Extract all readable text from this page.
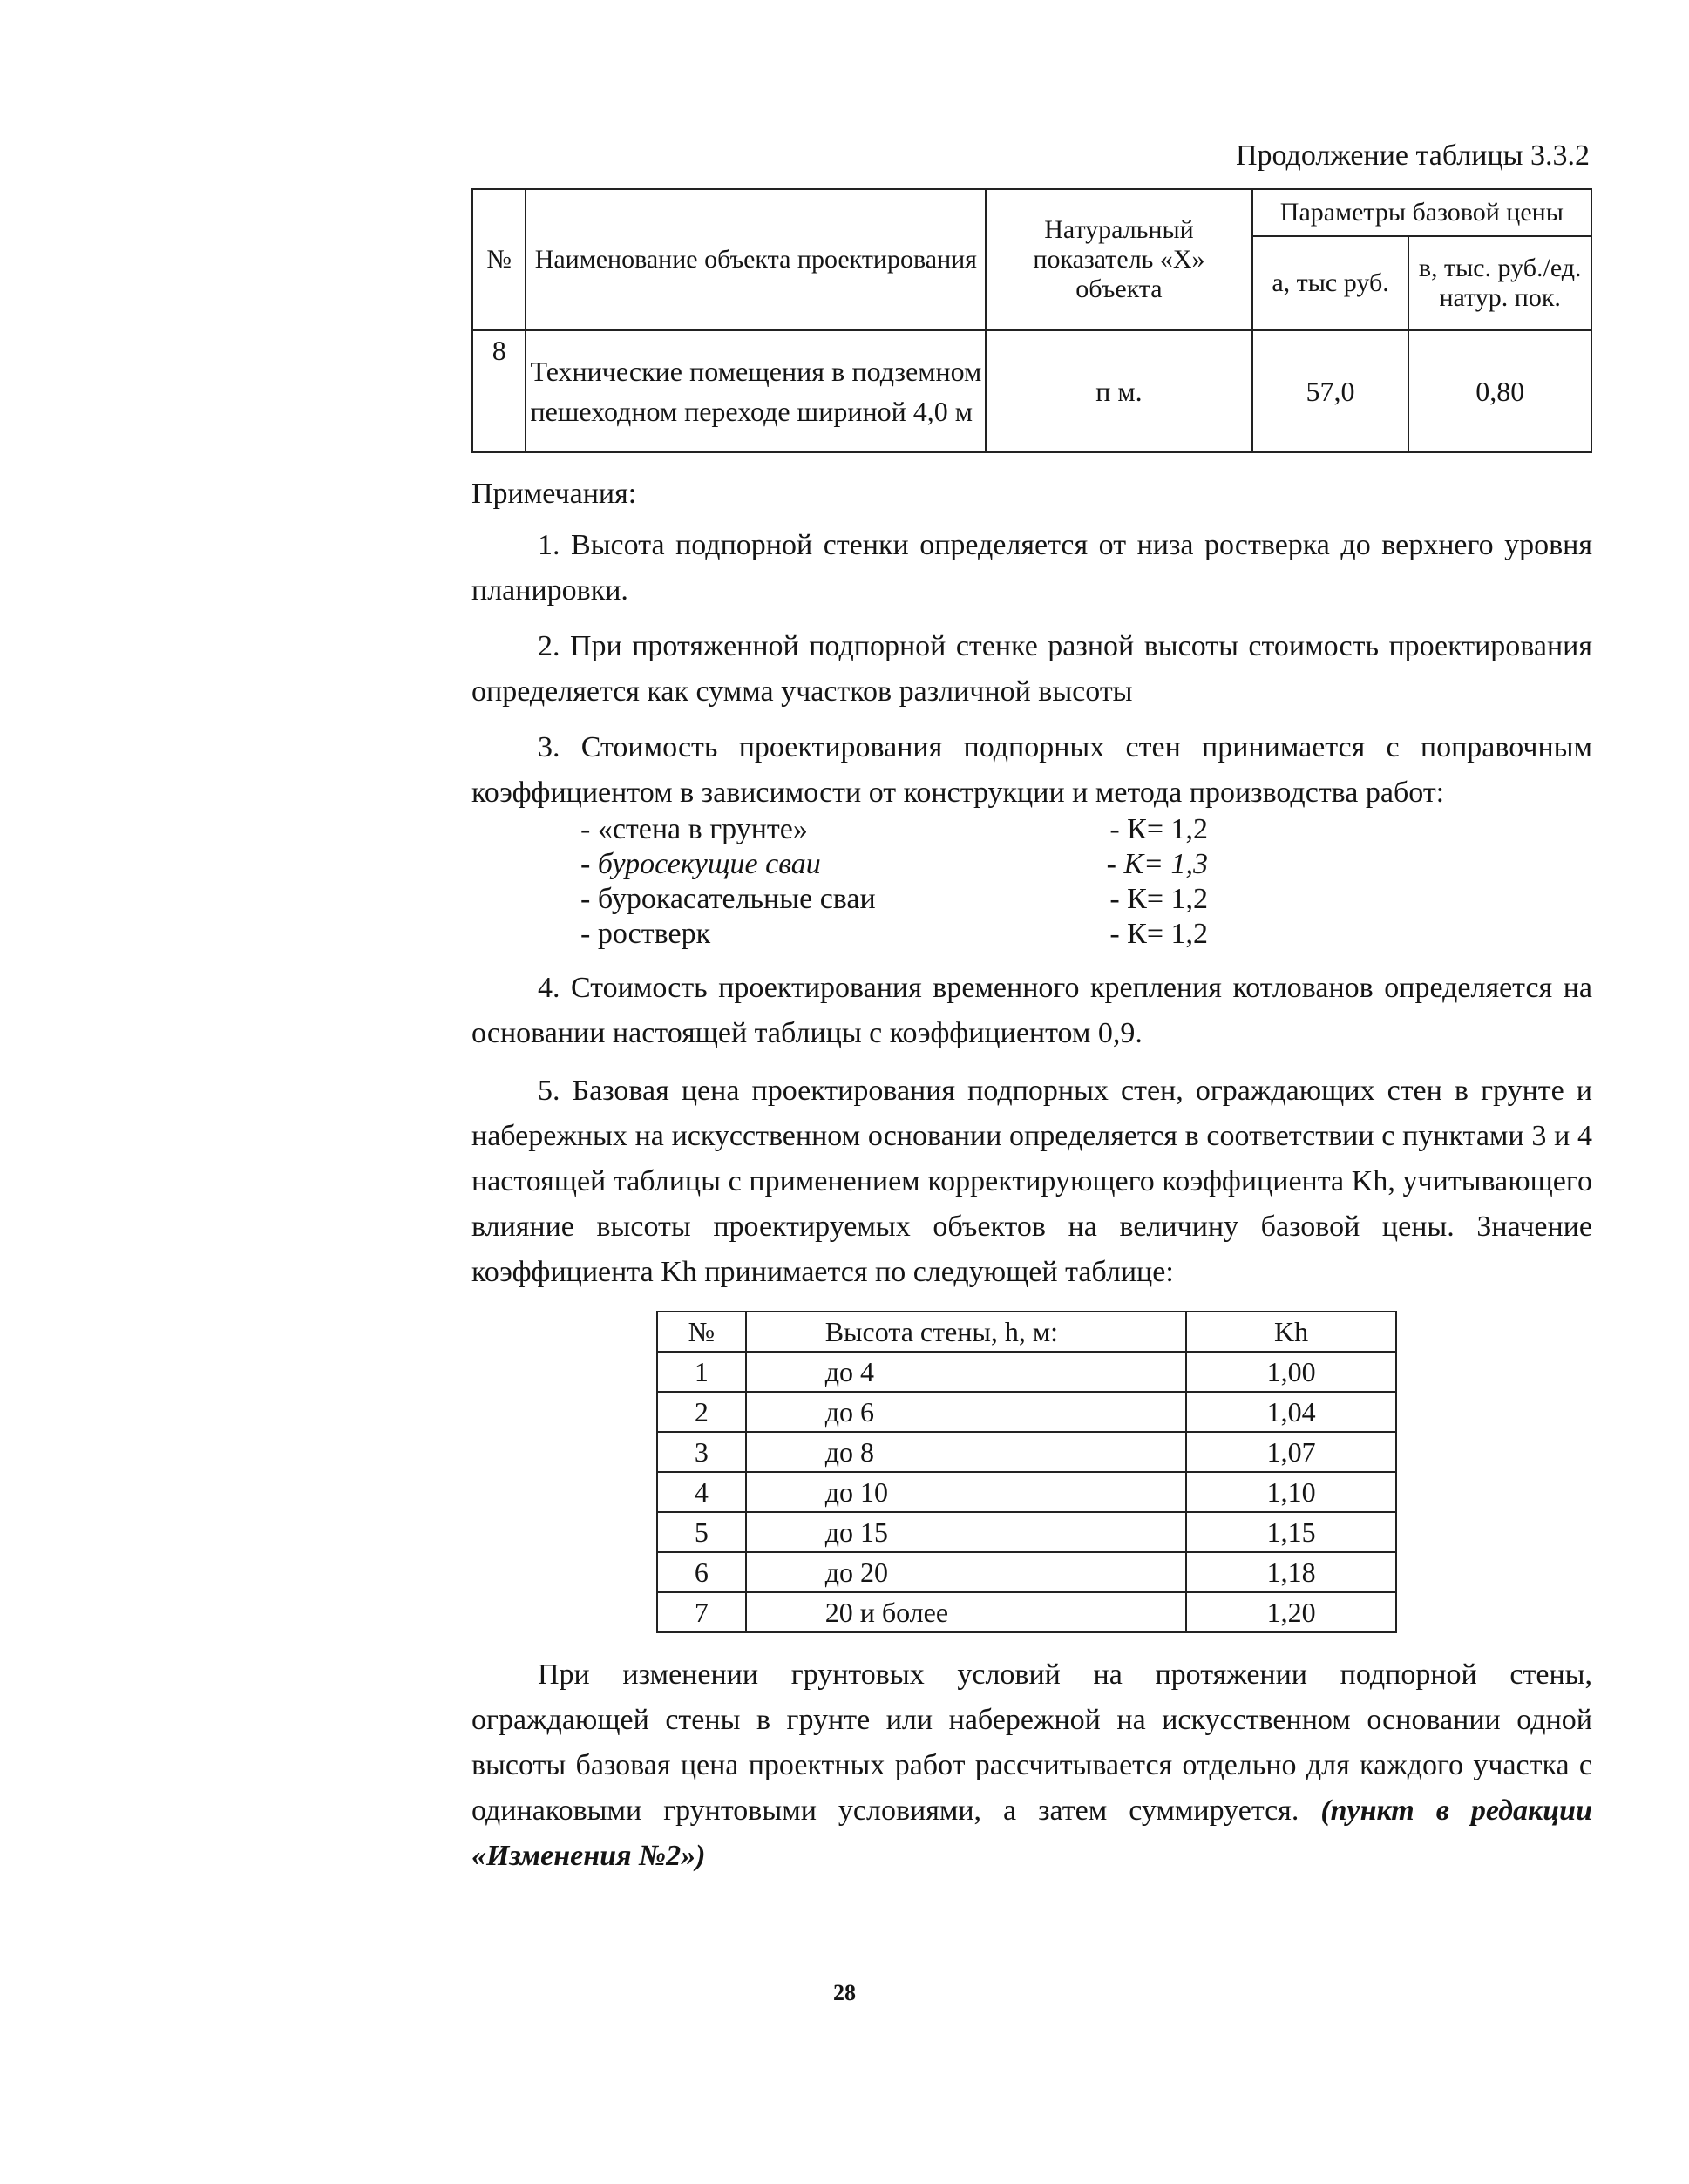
Продолжение таблицы 3.3.2
№	Наименование объекта проектирования	Натуральный показатель «Х» объекта	Параметры базовой цены	
			а, тыс руб.	в, тыс. руб./ед. натур. пок.
8	Технические помещения в подземном пешеходном переходе шириной 4,0 м	п м.	57,0	0,80
Примечания:

1. Высота подпорной стенки определяется от низа ростверка до верхнего уровня планировки.

2. При протяженной подпорной стенке разной высоты стоимость проектирования определяется как сумма участков различной высоты

3. Стоимость проектирования подпорных стен принимается с поправочным коэффициентом в зависимости от конструкции и метода производства работ:

- «стена в грунте»	- К= 1,2
- буросекущие сваи	- К= 1,3
- бурокасательные сваи	- К= 1,2
- ростверк	- К= 1,2

4. Стоимость проектирования временного крепления котлованов определяется на основании настоящей таблицы с коэффициентом 0,9.

5. Базовая цена проектирования подпорных стен, ограждающих стен в грунте и набережных на искусственном основании определяется в соответствии с пунктами 3 и 4 настоящей таблицы с применением корректирующего коэффициента Kh, учитывающего влияние высоты проектируемых объектов на величину базовой цены. Значение коэффициента Kh принимается по следующей таблице:

№	Высота стены, h, м:	Kh
1	до 4	1,00
2	до 6	1,04
3	до 8	1,07
4	до 10	1,10
5	до 15	1,15
6	до 20	1,18
7	20 и более	1,20

При изменении грунтовых условий на протяжении подпорной стены, ограждающей стены в грунте или набережной на искусственном основании одной высоты базовая цена проектных работ рассчитывается отдельно для каждого участка с одинаковыми грунтовыми условиями, а затем суммируется. (пункт в редакции «Изменения №2»)

28
